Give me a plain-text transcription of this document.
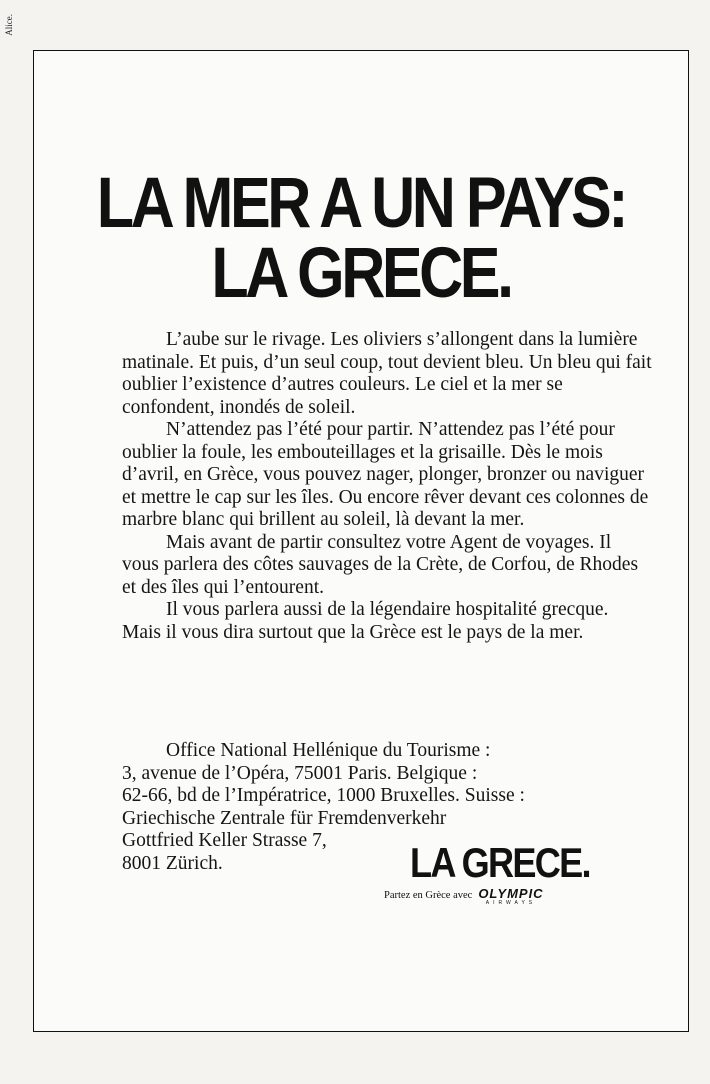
Alice.
LA MER A UN PAYS:
LA GRECE.

L’aube sur le rivage. Les oliviers s’allongent dans la lumière matinale. Et puis, d’un seul coup, tout devient bleu. Un bleu qui fait oublier l’existence d’autres couleurs. Le ciel et la mer se confondent, inondés de soleil.

N’attendez pas l’été pour partir. N’attendez pas l’été pour oublier la foule, les embouteillages et la grisaille. Dès le mois d’avril, en Grèce, vous pouvez nager, plonger, bronzer ou naviguer et mettre le cap sur les îles. Ou encore rêver devant ces colonnes de marbre blanc qui brillent au soleil, là devant la mer.

Mais avant de partir consultez votre Agent de voyages. Il vous parlera des côtes sauvages de la Crète, de Corfou, de Rhodes et des îles qui l’entourent.

Il vous parlera aussi de la légendaire hospitalité grecque. Mais il vous dira surtout que la Grèce est le pays de la mer.

Office National Hellénique du Tourisme :
3, avenue de l’Opéra, 75001 Paris. Belgique :
62-66, bd de l’Impératrice, 1000 Bruxelles. Suisse :
Griechische Zentrale für Fremdenverkehr
Gottfried Keller Strasse 7,
8001 Zürich.	LA GRECE.
Partez en Grèce avec OLYMPIC
AIRWAYS
